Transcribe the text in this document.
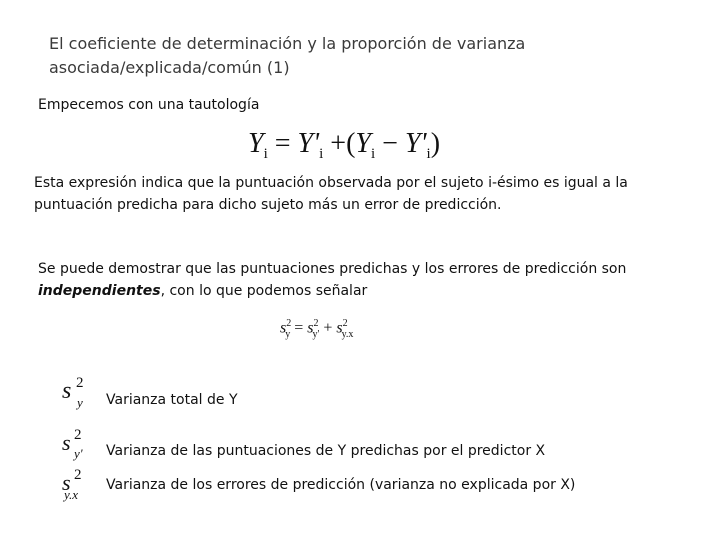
El coeficiente de determinación y la proporción de varianza
asociada/explicada/común (1)
Empecemos con una tautología
$Y_i = Y'_i +(Y_i - Y'_i)$
Esta expresión indica que la puntuación observada por el sujeto i-ésimo es igual a la
puntuación predicha para dicho sujeto más un error de predicción.
Se puede demostrar que las puntuaciones predichas y los errores de predicción son
independientes, con lo que podemos señalar
$s^2_y = s^2_{y'} + s^2_{y.x}$
s 2
y Varianza total de Y
s 2
y' Varianza de las puntuaciones de Y predichas por el predictor X
s 2
y.x
Varianza de los errores de predicción (varianza no explicada por X)
